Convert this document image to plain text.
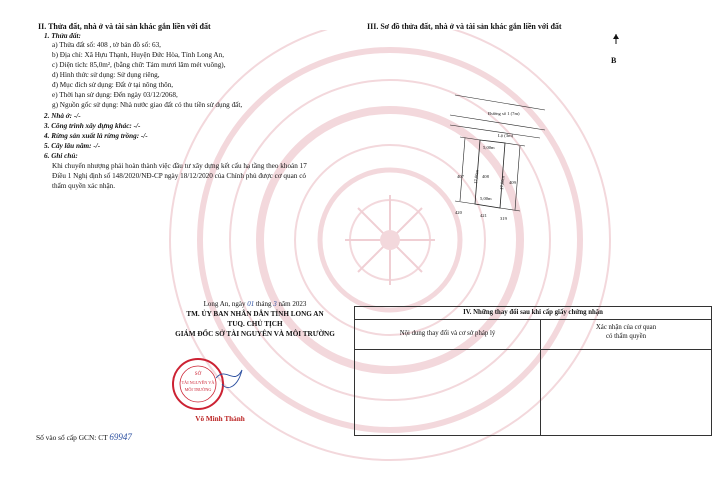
II. Thửa đất, nhà ở và tài sản khác gắn liền với đất
1. Thửa đất:
a) Thửa đất số: 408 , tờ bản đồ số: 63,
b) Địa chỉ: Xã Hựu Thạnh, Huyện Đức Hòa, Tỉnh Long An,
c) Diện tích: 85,0m², (bằng chữ: Tám mươi lăm mét vuông),
d) Hình thức sử dụng: Sử dụng riêng,
đ) Mục đích sử dụng: Đất ở tại nông thôn,
e) Thời hạn sử dụng: Đến ngày 03/12/2068,
g) Nguồn gốc sử dụng: Nhà nước giao đất có thu tiền sử dụng đất,
2. Nhà ở: -/-
3. Công trình xây dựng khác: -/-
4. Rừng sản xuất là rừng trồng: -/-
5. Cây lâu năm: -/-
6. Ghi chú:
Khi chuyển nhượng phải hoàn thành việc đầu tư xây dựng kết cấu hạ tầng theo khoản 17
Điều 1 Nghị định số 148/2020/NĐ-CP ngày 18/12/2020 của Chính phủ được cơ quan có
thẩm quyền xác nhận.
III. Sơ đồ thửa đất, nhà ở và tài sản khác gắn liền với đất
B
Đường số 1 (7m)
Lộ (3m)
5,00m
5,00m
408
407
409
420
421
319
17,00m	17,00m
Long An, ngày 01 tháng 3 năm 2023
TM. ỦY BAN NHÂN DÂN TỈNH LONG AN
TUQ. CHỦ TỊCH
GIÁM ĐỐC SỞ TÀI NGUYÊN VÀ MÔI TRƯỜNG
SỞ
TÀI NGUYÊN VÀ
MÔI TRƯỜNG
Võ Minh Thành
IV. Những thay đổi sau khi cấp giấy chứng nhận
Nội dung thay đổi và cơ sở pháp lý
Xác nhận của cơ quan
có thẩm quyền
Số vào sổ cấp GCN: CT 69947
